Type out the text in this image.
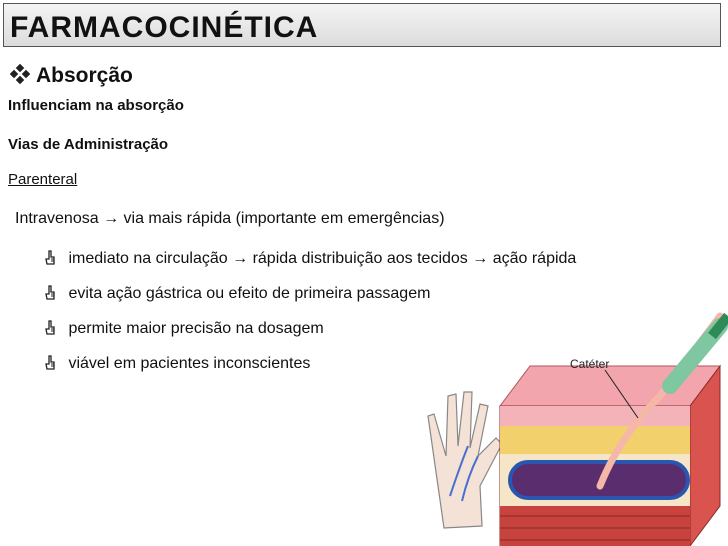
FARMACOCINÉTICA
Absorção
Influenciam na absorção
Vias de Administração
Parenteral
Intravenosa → via mais rápida (importante em emergências)
imediato na circulação → rápida distribuição aos tecidos → ação rápida
evita ação gástrica ou efeito de primeira passagem
permite maior precisão na dosagem
viável em pacientes inconscientes	Catéter
